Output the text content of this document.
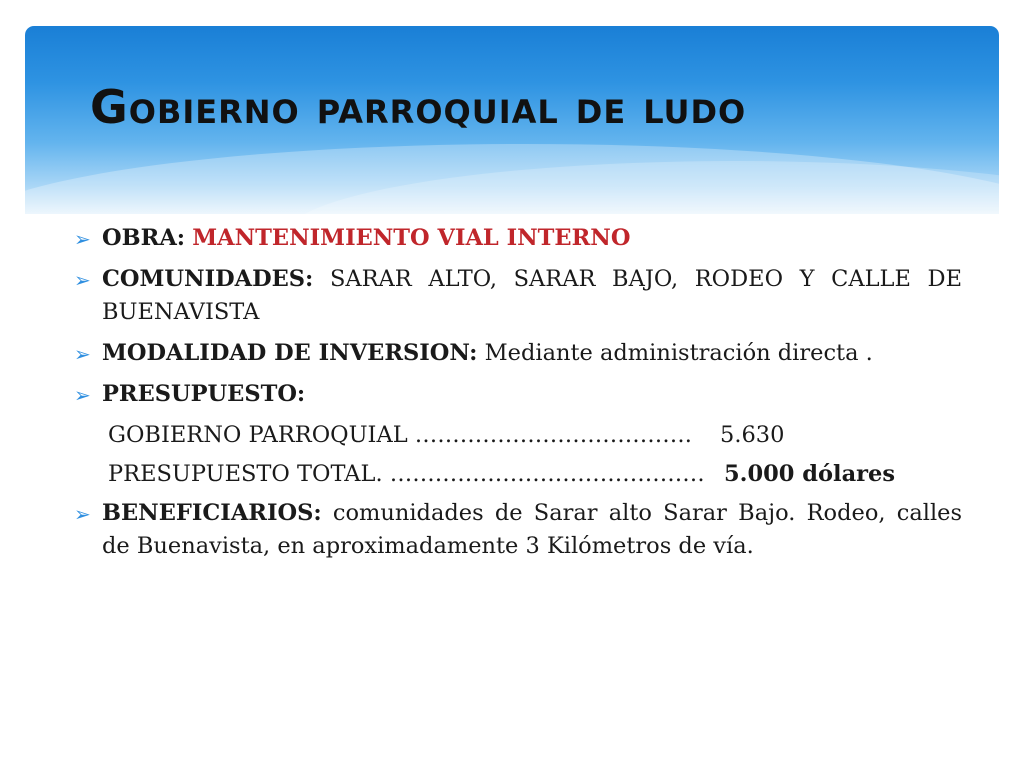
Gobierno parroquial de ludo
➢ OBRA: MANTENIMIENTO VIAL INTERNO
➢ COMUNIDADES: SARAR ALTO, SARAR BAJO, RODEO Y CALLE DE BUENAVISTA
➢ MODALIDAD DE INVERSION: Mediante administración directa .
➢ PRESUPUESTO:
GOBIERNO PARROQUIAL ………………………………. 5.630
PRESUPUESTO TOTAL. …………………………………… 5.000 dólares
➢ BENEFICIARIOS: comunidades de Sarar alto Sarar Bajo. Rodeo, calles de Buenavista, en aproximadamente 3 Kilómetros de vía.
